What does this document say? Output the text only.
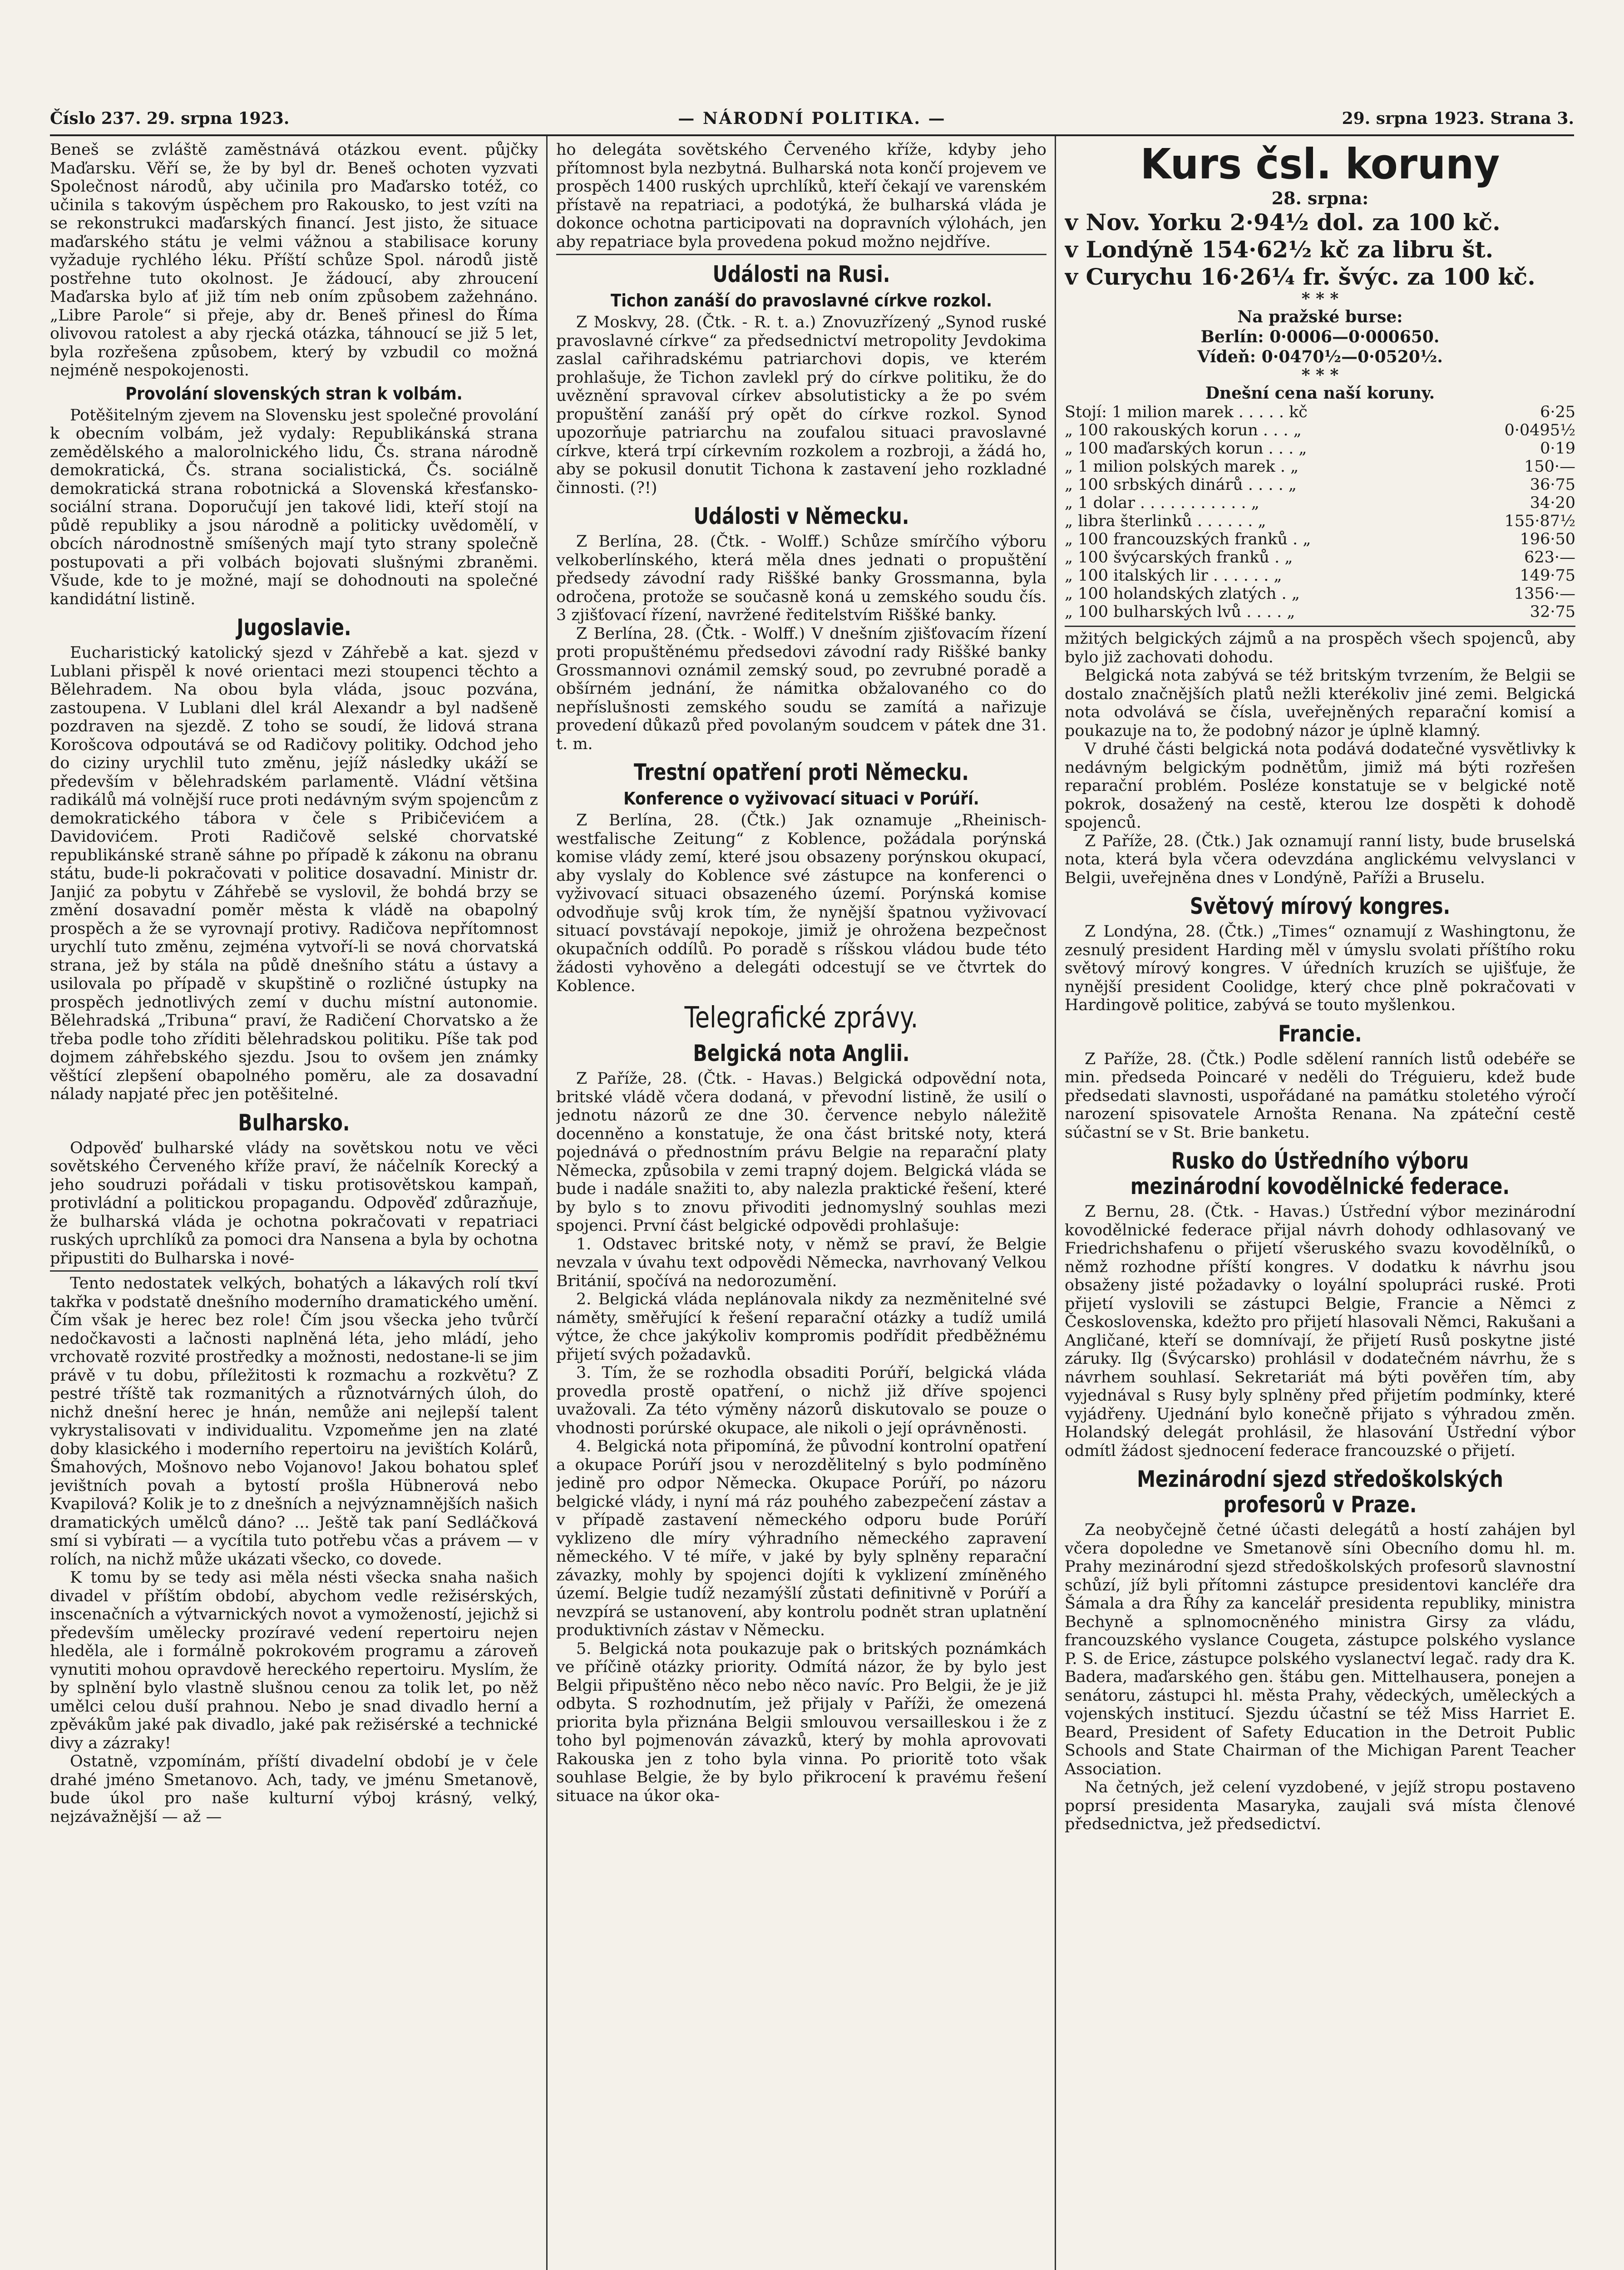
Číslo 237. 29. srpna 1923.	— NÁRODNÍ POLITIKA. —	29. srpna 1923. Strana 3.

Beneš se zvláště zaměstnává otázkou event. půjčky Maďarsku. Věří se, že by byl dr. Beneš ochoten vyzvati Společnost národů, aby učinila pro Maďarsko totéž, co učinila s takovým úspěchem pro Rakousko, to jest vzíti na se rekonstrukci maďarských financí. Jest jisto, že situace maďarského státu je velmi vážnou a stabilisace koruny vyžaduje rychlého léku. Příští schůze Spol. národů jistě postřehne tuto okolnost. Je žádoucí, aby zhroucení Maďarska bylo ať již tím neb oním způsobem zažehnáno. „Libre Parole“ si přeje, aby dr. Beneš přinesl do Říma olivovou ratolest a aby rjecká otázka, táhnoucí se již 5 let, byla rozřešena způsobem, který by vzbudil co možná nejméně nespokojenosti.

Provolání slovenských stran k volbám.

Potěšitelným zjevem na Slovensku jest společné provolání k obecním volbám, jež vydaly: Republikánská strana zemědělského a malorolnického lidu, Čs. strana národně demokratická, Čs. strana socialistická, Čs. sociálně demokratická strana robotnická a Slovenská křesťansko-sociální strana. Doporučují jen takové lidi, kteří stojí na půdě republiky a jsou národně a politicky uvědomělí, v obcích národnostně smíšených mají tyto strany společně postupovati a při volbách bojovati slušnými zbraněmi. Všude, kde to je možné, mají se dohodnouti na společné kandidátní listině.

Jugoslavie.

Eucharistický katolický sjezd v Záhřebě a kat. sjezd v Lublani přispěl k nové orientaci mezi stoupenci těchto a Bělehradem. Na obou byla vláda, jsouc pozvána, zastoupena. V Lublani dlel král Alexandr a byl nadšeně pozdraven na sjezdě. Z toho se soudí, že lidová strana Korošcova odpoutává se od Radičovy politiky. Odchod jeho do ciziny urychlil tuto změnu, jejíž následky ukáží se především v bělehradském parlamentě. Vládní většina radikálů má volnější ruce proti nedávným svým spojencům z demokratického tábora v čele s Pribičevićem a Davidovićem. Proti Radičově selské chorvatské republikánské straně sáhne po případě k zákonu na obranu státu, bude-li pokračovati v politice dosavadní. Ministr dr. Janjić za pobytu v Záhřebě se vyslovil, že bohdá brzy se změní dosavadní poměr města k vládě na obapolný prospěch a že se vyrovnají protivy. Radičova nepřítomnost urychlí tuto změnu, zejména vytvoří-li se nová chorvatská strana, jež by stála na půdě dnešního státu a ústavy a usilovala po případě v skupštině o rozličné ústupky na prospěch jednotlivých zemí v duchu místní autonomie. Bělehradská „Tribuna“ praví, že Radičení Chorvatsko a že třeba podle toho zříditi bělehradskou politiku. Píše tak pod dojmem záhřebského sjezdu. Jsou to ovšem jen známky věštící zlepšení obapolného poměru, ale za dosavadní nálady napjaté přec jen potěšitelné.

Bulharsko.

Odpověď bulharské vlády na sovětskou notu ve věci sovětského Červeného kříže praví, že náčelník Korecký a jeho soudruzi pořádali v tisku protisovětskou kampaň, protivládní a politickou propagandu. Odpověď zdůrazňuje, že bulharská vláda je ochotna pokračovati v repatriaci ruských uprchlíků za pomoci dra Nansena a byla by ochotna připustiti do Bulharska i nové-

Tento nedostatek velkých, bohatých a lákavých rolí tkví takřka v podstatě dnešního moderního dramatického umění. Čím však je herec bez role! Čím jsou všecka jeho tvůrčí nedočkavosti a lačnosti naplněná léta, jeho mládí, jeho vrchovatě rozvité prostředky a možnosti, nedostane-li se jim právě v tu dobu, příležitosti k rozmachu a rozkvětu? Z pestré tříště tak rozmanitých a různotvárných úloh, do nichž dnešní herec je hnán, nemůže ani nejlepší talent vykrystalisovati v individualitu. Vzpomeňme jen na zlaté doby klasického i moderního repertoiru na jevištích Kolárů, Šmahových, Mošnovo nebo Vojanovo! Jakou bohatou spleť jevištních povah a bytostí prošla Hübnerová nebo Kvapilová? Kolik je to z dnešních a nejvýznamnějších našich dramatických umělců dáno? ... Ještě tak paní Sedláčková smí si vybírati — a vycítila tuto potřebu včas a právem — v rolích, na nichž může ukázati všecko, co dovede.

K tomu by se tedy asi měla nésti všecka snaha našich divadel v příštím období, abychom vedle režisérských, inscenačních a výtvarnických novot a vymožeností, jejichž si především umělecky prozíravé vedení repertoiru nejen hleděla, ale i formálně pokrokovém programu a zároveň vynutiti mohou opravdově hereckého repertoiru. Myslím, že by splnění bylo vlastně slušnou cenou za tolik let, po něž umělci celou duší prahnou. Nebo je snad divadlo herní a zpěvákům jaké pak divadlo, jaké pak režisérské a technické divy a zázraky!

Ostatně, vzpomínám, příští divadelní období je v čele drahé jméno Smetanovo. Ach, tady, ve jménu Smetanově, bude úkol pro naše kulturní výboj krásný, velký, nejzávažnější — až —

ho delegáta sovětského Červeného kříže, kdyby jeho přítomnost byla nezbytná. Bulharská nota končí projevem ve prospěch 1400 ruských uprchlíků, kteří čekají ve varenském přístavě na repatriaci, a podotýká, že bulharská vláda je dokonce ochotna participovati na dopravních výlohách, jen aby repatriace byla provedena pokud možno nejdříve.

Události na Rusi.
Tichon zanáší do pravoslavné církve rozkol.

Z Moskvy, 28. (Čtk. - R. t. a.) Znovuzřízený „Synod ruské pravoslavné církve“ za předsednictví metropolity Jevdokima zaslal cařihradskému patriarchovi dopis, ve kterém prohlašuje, že Tichon zavlekl prý do církve politiku, že do uvěznění spravoval církev absolutisticky a že po svém propuštění zanáší prý opět do církve rozkol. Synod upozorňuje patriarchu na zoufalou situaci pravoslavné církve, která trpí církevním rozkolem a rozbroji, a žádá ho, aby se pokusil donutit Tichona k zastavení jeho rozkladné činnosti. (?!)

Události v Německu.

Z Berlína, 28. (Čtk. - Wolff.) Schůze smírčího výboru velkoberlínského, která měla dnes jednati o propuštění předsedy závodní rady Riššké banky Grossmanna, byla odročena, protože se současně koná u zemského soudu čís. 3 zjišťovací řízení, navržené ředitelstvím Riššké banky.

Z Berlína, 28. (Čtk. - Wolff.) V dnešním zjišťovacím řízení proti propuštěnému předsedovi závodní rady Riššké banky Grossmannovi oznámil zemský soud, po zevrubné poradě a obšírném jednání, že námitka obžalovaného co do nepříslušnosti zemského soudu se zamítá a nařizuje provedení důkazů před povolaným soudcem v pátek dne 31. t. m.

Trestní opatření proti Německu.
Konference o vyživovací situaci v Porúří.

Z Berlína, 28. (Čtk.) Jak oznamuje „Rheinisch-westfalische Zeitung“ z Koblence, požádala porýnská komise vlády zemí, které jsou obsazeny porýnskou okupací, aby vyslaly do Koblence své zástupce na konferenci o vyživovací situaci obsazeného území. Porýnská komise odvodňuje svůj krok tím, že nynější špatnou vyživovací situací povstávají nepokoje, jimiž je ohrožena bezpečnost okupačních oddílů. Po poradě s ríšskou vládou bude této žádosti vyhověno a delegáti odcestují se ve čtvrtek do Koblence.

Telegrafické zprávy.
Belgická nota Anglii.

Z Paříže, 28. (Čtk. - Havas.) Belgická odpovědní nota, britské vládě včera dodaná, v převodní listině, že usilí o jednotu názorů ze dne 30. července nebylo náležitě docenněno a konstatuje, že ona část britské noty, která pojednává o přednostním právu Belgie na reparační platy Německa, způsobila v zemi trapný dojem. Belgická vláda se bude i nadále snažiti to, aby nalezla praktické řešení, které by bylo s to znovu přivoditi jednomyslný souhlas mezi spojenci. První část belgické odpovědi prohlašuje:

1. Odstavec britské noty, v němž se praví, že Belgie nevzala v úvahu text odpovědi Německa, navrhovaný Velkou Británií, spočívá na nedorozumění.

2. Belgická vláda neplánovala nikdy za nezměnitelné své náměty, směřující k řešení reparační otázky a tudíž umilá výtce, že chce jakýkoliv kompromis podřídit předběžnému přijetí svých požadavků.

3. Tím, že se rozhodla obsaditi Porúří, belgická vláda provedla prostě opatření, o nichž již dříve spojenci uvažovali. Za této výměny názorů diskutovalo se pouze o vhodnosti porúrské okupace, ale nikoli o její oprávněnosti.

4. Belgická nota připomíná, že původní kontrolní opatření a okupace Porúří jsou v nerozdělitelný s bylo podmíněno jedině pro odpor Německa. Okupace Porúří, po názoru belgické vlády, i nyní má ráz pouhého zabezpečení zástav a v případě zastavení německého odporu bude Porúří vyklizeno dle míry výhradního německého zapravení německého. V té míře, v jaké by byly splněny reparační závazky, mohly by spojenci dojíti k vyklizení zmíněného území. Belgie tudíž nezamýšlí zůstati definitivně v Porúří a nevzpírá se ustanovení, aby kontrolu podnět stran uplatnění produktivních zástav v Německu.

5. Belgická nota poukazuje pak o britských poznámkách ve příčině otázky priority. Odmítá názor, že by bylo jest Belgii připuštěno něco nebo něco navíc. Pro Belgii, že je již odbyta. S rozhodnutím, jež přijaly v Paříži, že omezená priorita byla přiznána Belgii smlouvou versailleskou i že z toho byl pojmenován závazků, který by mohla aprovovati Rakouska jen z toho byla vinna. Po prioritě toto však souhlase Belgie, že by bylo přikrocení k pravému řešení situace na úkor oka-

Kurs čsl. koruny
28. srpna:
v Nov. Yorku 2·94½ dol. za 100 kč.
v Londýně 154·62½ kč za libru št.
v Curychu 16·26¼ fr. švýc. za 100 kč.
* * *
Na pražské burse:
Berlín: 0·0006—0·000650.
Vídeň: 0·0470½—0·0520½.
* * *
Dnešní cena naší koruny.
Stojí: 1 milion marek . . . . . kč	6·25
„ 100 rakouských korun . . . „	0·0495½
„ 100 maďarských korun . . . „	0·19
„ 1 milion polských marek . „	150·—
„ 100 srbských dinárů . . . . „	36·75
„ 1 dolar . . . . . . . . . . . „	34·20
„ libra šterlinků . . . . . . „	155·87½
„ 100 francouzských franků . „	196·50
„ 100 švýcarských franků . „	623·—
„ 100 italských lir . . . . . . „	149·75
„ 100 holandských zlatých . „	1356·—
„ 100 bulharských lvů . . . . „	32·75

mžitých belgických zájmů a na prospěch všech spojenců, aby bylo již zachovati dohodu.

Belgická nota zabývá se též britským tvrzením, že Belgii se dostalo značnějších platů nežli kterékoliv jiné zemi. Belgická nota odvolává se čísla, uveřejněných reparační komisí a poukazuje na to, že podobný názor je úplně klamný.

V druhé části belgická nota podává dodatečné vysvětlivky k nedávným belgickým podnětům, jimiž má býti rozřešen reparační problém. Posléze konstatuje se v belgické notě pokrok, dosažený na cestě, kterou lze dospěti k dohodě spojenců.

Z Paříže, 28. (Čtk.) Jak oznamují ranní listy, bude bruselská nota, která byla včera odevzdána anglickému velvyslanci v Belgii, uveřejněna dnes v Londýně, Paříži a Bruselu.

Světový mírový kongres.

Z Londýna, 28. (Čtk.) „Times“ oznamují z Washingtonu, že zesnulý president Harding měl v úmyslu svolati příštího roku světový mírový kongres. V úředních kruzích se ujišťuje, že nynější president Coolidge, který chce plně pokračovati v Hardingově politice, zabývá se touto myšlenkou.

Francie.

Z Paříže, 28. (Čtk.) Podle sdělení ranních listů odebéře se min. předseda Poincaré v neděli do Tréguieru, kdež bude předsedati slavnosti, uspořádané na památku stoletého výročí narození spisovatele Arnošta Renana. Na zpáteční cestě súčastní se v St. Brie banketu.

Rusko do Ústředního výboru mezinárodní kovodělnické federace.

Z Bernu, 28. (Čtk. - Havas.) Ústřední výbor mezinárodní kovodělnické federace přijal návrh dohody odhlasovaný ve Friedrichshafenu o přijetí všeruského svazu kovodělníků, o němž rozhodne příští kongres. V dodatku k návrhu jsou obsaženy jisté požadavky o loyální spolupráci ruské. Proti přijetí vyslovili se zástupci Belgie, Francie a Němci z Československa, kdežto pro přijetí hlasovali Němci, Rakušani a Angličané, kteří se domnívají, že přijetí Rusů poskytne jisté záruky. Ilg (Švýcarsko) prohlásil v dodatečném návrhu, že s návrhem souhlasí. Sekretariát má býti pověřen tím, aby vyjednával s Rusy byly splněny před přijetím podmínky, které vyjádřeny. Ujednání bylo konečně přijato s výhradou změn. Holandský delegát prohlásil, že hlasování Ústřední výbor odmítl žádost sjednocení federace francouzské o přijetí.

Mezinárodní sjezd středoškolských profesorů v Praze.

Za neobyčejně četné účasti delegátů a hostí zahájen byl včera dopoledne ve Smetanově síni Obecního domu hl. m. Prahy mezinárodní sjezd středoškolských profesorů slavnostní schůzí, jíž byli přítomni zástupce presidentovi kancléře dra Šámala a dra Říhy za kancelář presidenta republiky, ministra Bechyně a splnomocněného ministra Girsy za vládu, francouzského vyslance Cougeta, zástupce polského vyslance P. S. de Erice, zástupce polského vyslanectví legač. rady dra K. Badera, maďarského gen. štábu gen. Mittelhausera, ponejen a senátoru, zástupci hl. města Prahy, vědeckých, uměleckých a vojenských institucí. Sjezdu účastní se též Miss Harriet E. Beard, President of Safety Education in the Detroit Public Schools and State Chairman of the Michigan Parent Teacher Association.

Na četných, jež celení vyzdobené, v jejíž stropu postaveno poprsí presidenta Masaryka, zaujali svá místa členové předsednictva, jež předsedictví.
